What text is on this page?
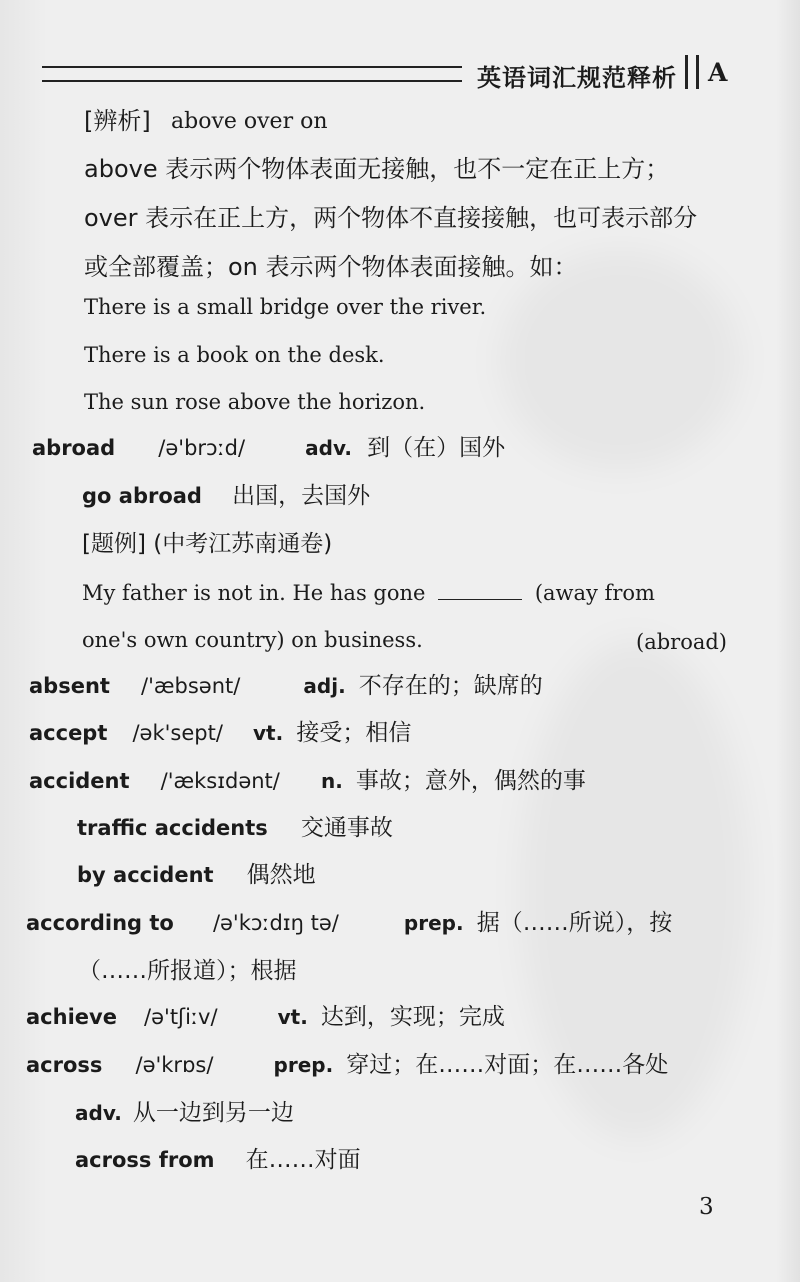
英语词汇规范释析 A
[辨析] above over on
above 表示两个物体表面无接触，也不一定在正上方；
over 表示在正上方，两个物体不直接接触，也可表示部分
或全部覆盖；on 表示两个物体表面接触。如：
There is a small bridge over the river.
There is a book on the desk.
The sun rose above the horizon.
abroad /ə'brɔːd/	adv. 到（在）国外
go abroad 出国，去国外
[题例] (中考江苏南通卷)
My father is not in. He has gone	(away from
one's own country) on business.	(abroad)
absent /'æbsənt/	adj. 不存在的；缺席的
accept /ək'sept/ vt. 接受；相信
accident /'æksɪdənt/ n. 事故；意外，偶然的事
traffic accidents 交通事故
by accident 偶然地
according to /ə'kɔːdɪŋ tə/	prep. 据（……所说），按
（……所报道）；根据
achieve /ə'tʃiːv/	vt. 达到，实现；完成
across /ə'krɒs/	prep. 穿过；在……对面；在……各处
adv. 从一边到另一边
across from 在……对面
3
